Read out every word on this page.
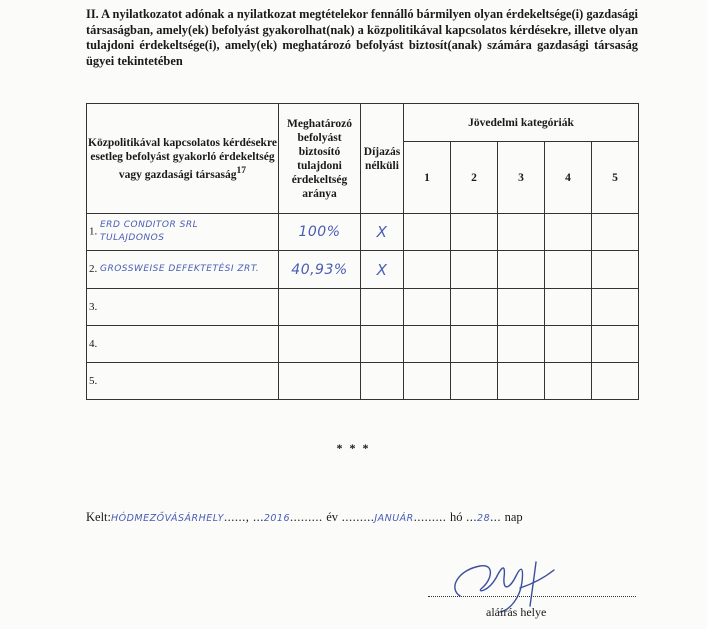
II. A nyilatkozatot adónak a nyilatkozat megtételekor fennálló bármilyen olyan érdekeltsége(i) gazdasági társaságban, amely(ek) befolyást gyakorolhat(nak) a közpolitikával kapcsolatos kérdésekre, illetve olyan tulajdoni érdekeltsége(i), amely(ek) meghatározó befolyást biztosít(anak) számára gazdasági társaság ügyei tekintetében
Közpolitikával kapcsolatos kérdésekre esetleg befolyást gyakorló érdekeltség vagy gazdasági társaság$^{17}$	Meghatározó befolyást biztosító tulajdoni érdekeltség aránya	Díjazás nélküli	Jövedelmi kategóriák				
			1	2	3	4	5
1. ERD CONDITOR SRL
TULAJDONOS	100%	X					
2. GROSSWEISE DEFEKTETÉSI ZRT.	40,93%	X					
3.							
4.							
5.							
* * *
Kelt:HÓDMEZŐVÁSÁRHELY......, ...2016......... év .........JANUÁR......... hó ...28... nap
aláírás helye
